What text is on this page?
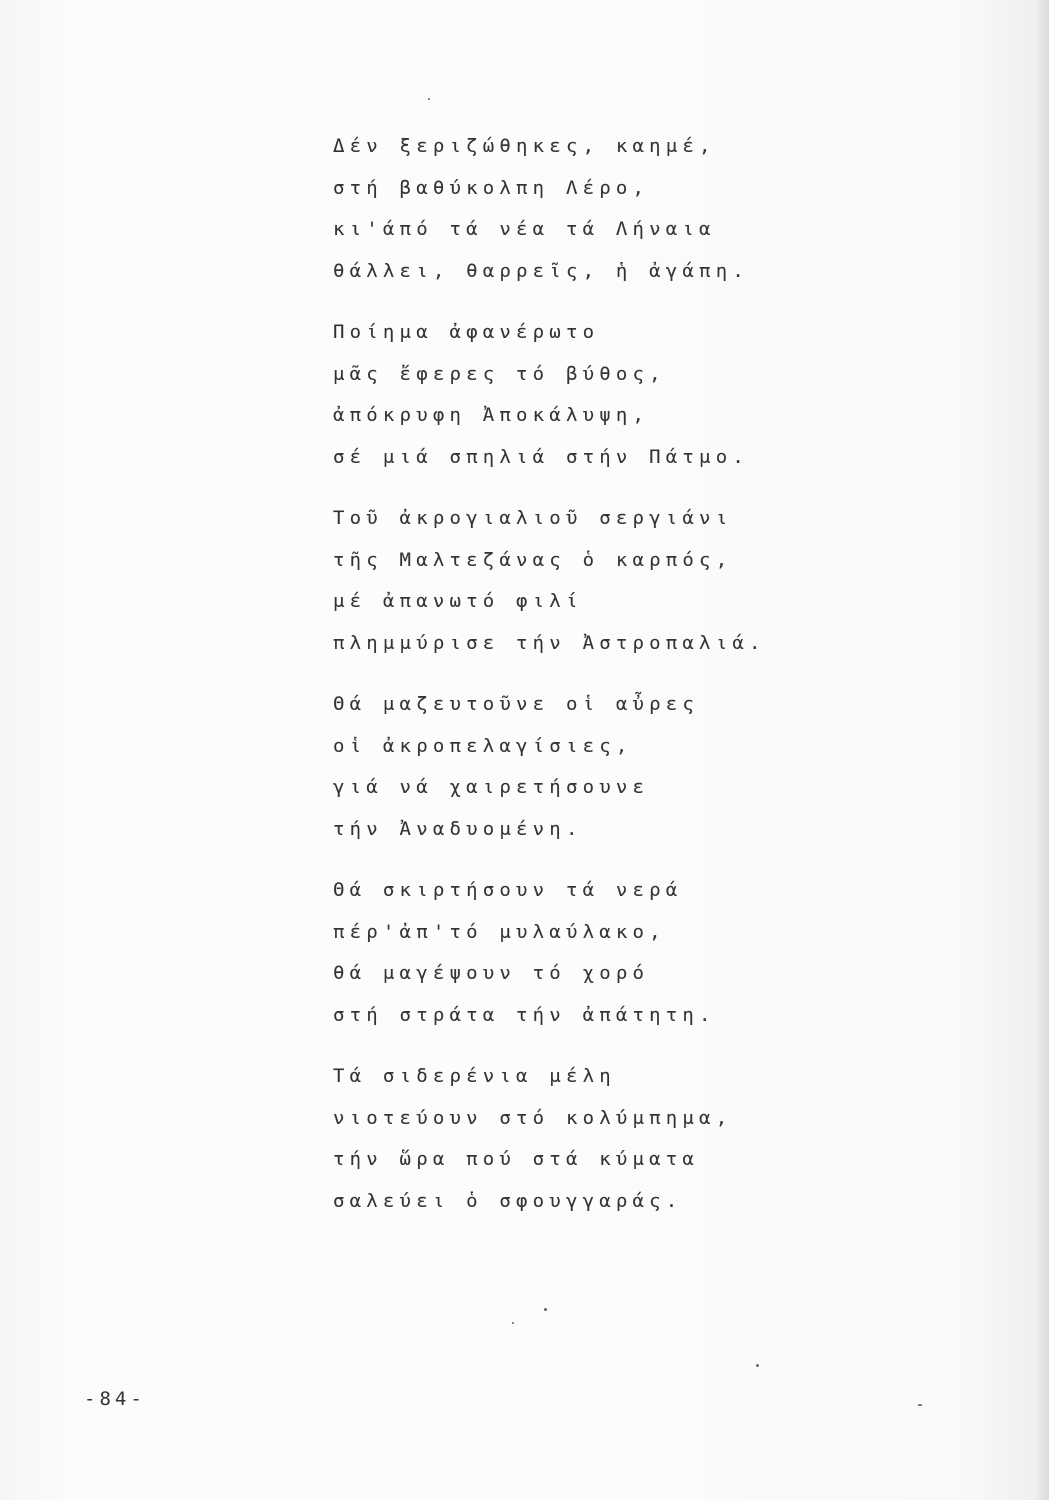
Δέν ξεριζώθηκες, καημέ,
στή βαθύκολπη Λέρο,
κι'άπό τά νέα τά Λήναια
θάλλει, θαρρεῖς, ἡ ἀγάπη.
Ποίημα ἀφανέρωτο
μᾶς ἔφερες τό βύθος,
ἀπόκρυφη Ἀποκάλυψη,
σέ μιά σπηλιά στήν Πάτμο.
Τοῦ ἀκρογιαλιοῦ σεργιάνι
τῆς Μαλτεζάνας ὁ καρπός,
μέ ἀπανωτό φιλί
πλημμύρισε τήν Ἀστροπαλιά.
Θά μαζευτοῦνε οἱ αὖρες
οἱ ἀκροπελαγίσιες,
γιά νά χαιρετήσουνε
τήν Ἀναδυομένη.
Θά σκιρτήσουν τά νερά
πέρ'ἀπ'τό μυλαύλακο,
θά μαγέψουν τό χορό
στή στράτα τήν ἀπάτητη.
Τά σιδερένια μέλη
νιοτεύουν στό κολύμπημα,
τήν ὥρα πού στά κύματα
σαλεύει ὁ σφουγγαράς.
-84-
